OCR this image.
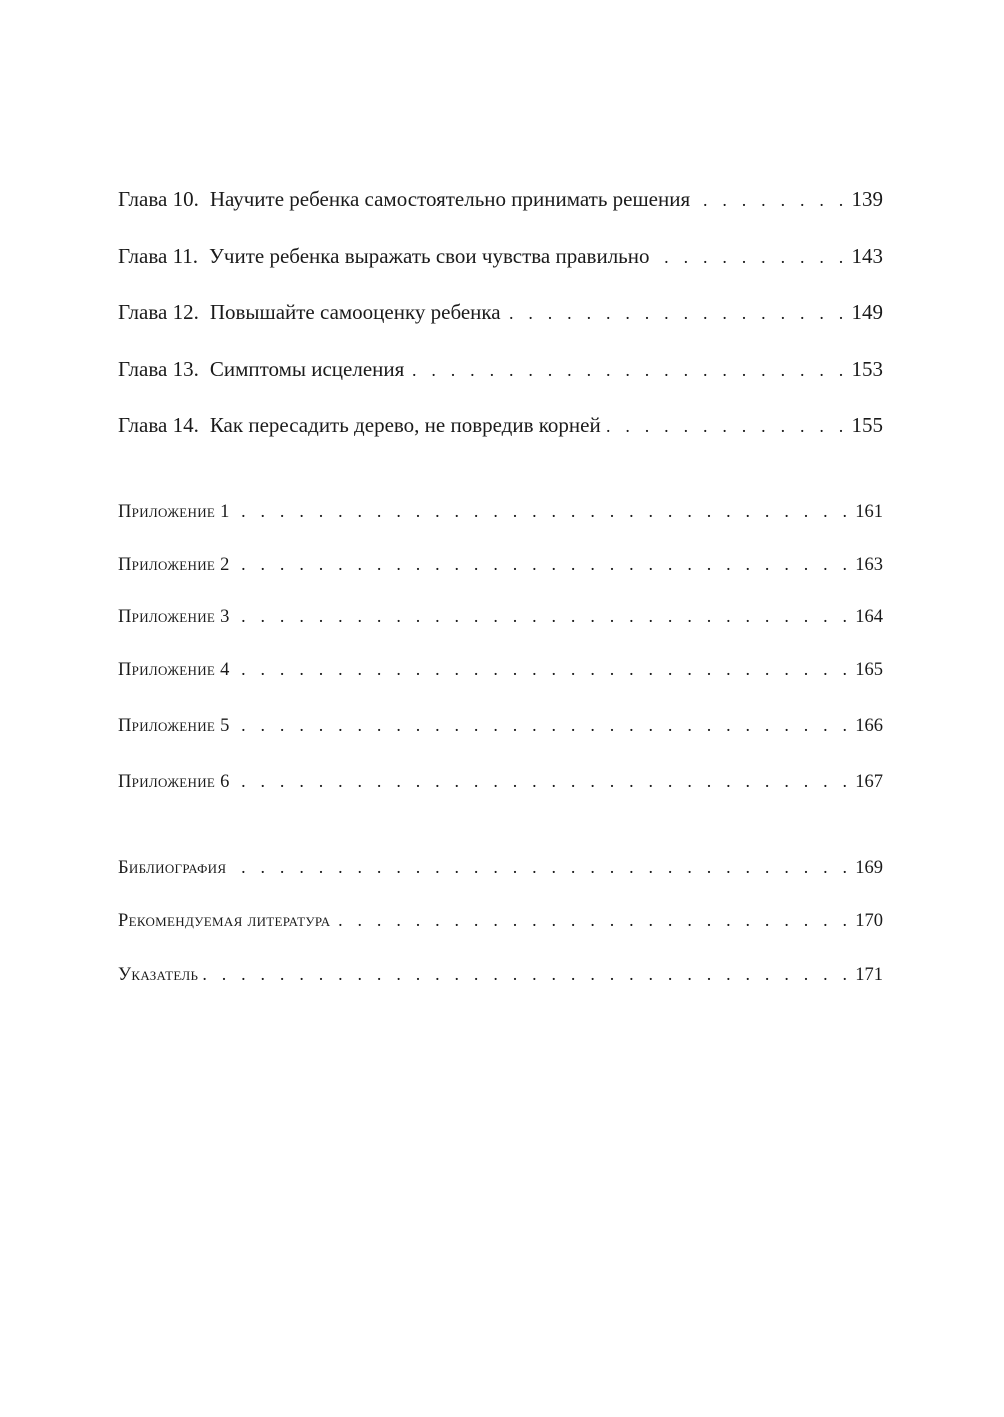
Глава 10. Научите ребенка самостоятельно принимать решения . . .	139
Глава 11. Учите ребенка выражать свои чувства правильно . . .	143
Глава 12. Повышайте самооценку ребенка . . .	149
Глава 13. Симптомы исцеления . . .	153
Глава 14. Как пересадить дерево, не повредив корней . . .	155
Приложение 1 . . .	161
Приложение 2 . . .	163
Приложение 3 . . .	164
Приложение 4 . . .	165
Приложение 5 . . .	166
Приложение 6 . . .	167
Библиография . . .	169
Рекомендуемая литература . . .	170
Указатель . . .	171
